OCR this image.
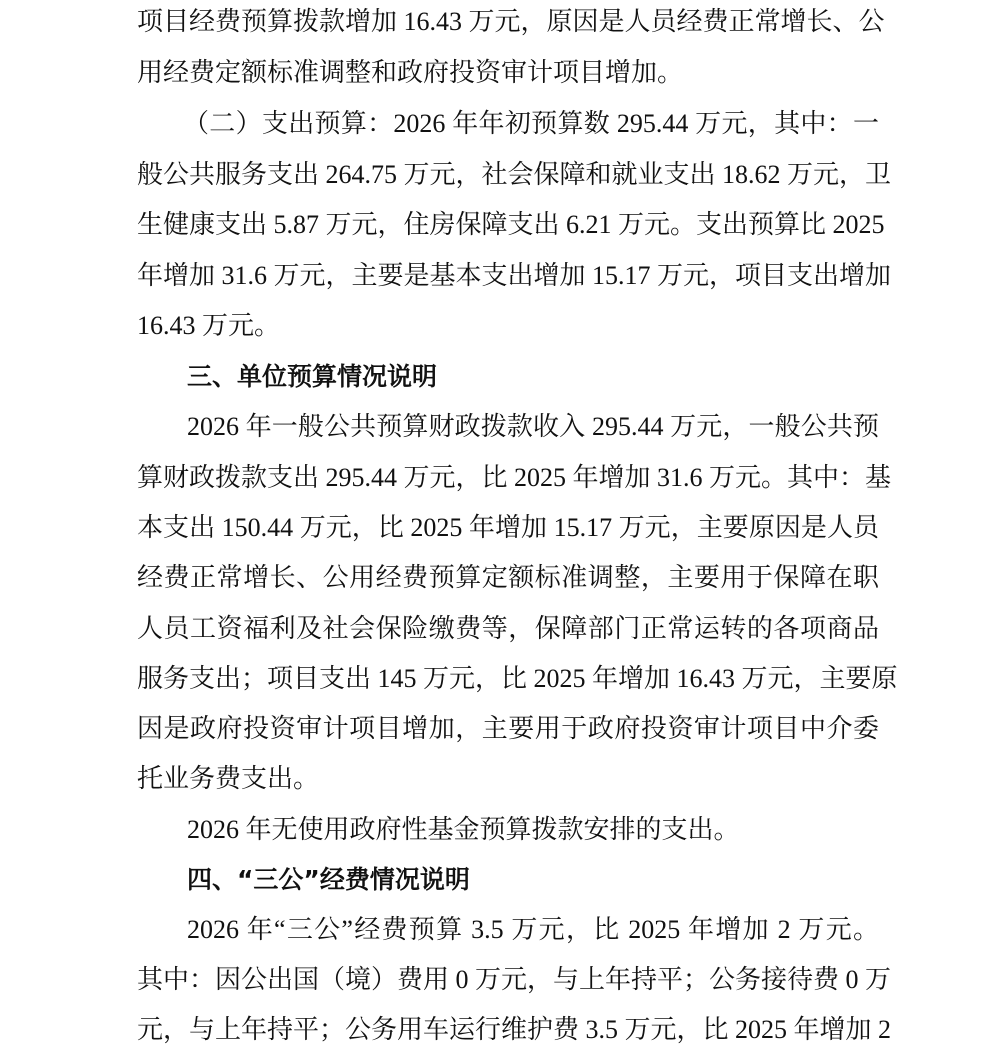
项目经费预算拨款增加 16.43 万元，原因是人员经费正常增长、公
用经费定额标准调整和政府投资审计项目增加。
（二）支出预算：2026 年年初预算数 295.44 万元，其中：一
般公共服务支出 264.75 万元，社会保障和就业支出 18.62 万元，卫
生健康支出 5.87 万元，住房保障支出 6.21 万元。支出预算比 2025
年增加 31.6 万元，主要是基本支出增加 15.17 万元，项目支出增加
16.43 万元。
三、单位预算情况说明
2026 年一般公共预算财政拨款收入 295.44 万元，一般公共预
算财政拨款支出 295.44 万元，比 2025 年增加 31.6 万元。其中：基
本支出 150.44 万元，比 2025 年增加 15.17 万元，主要原因是人员
经费正常增长、公用经费预算定额标准调整，主要用于保障在职
人员工资福利及社会保险缴费等，保障部门正常运转的各项商品
服务支出；项目支出 145 万元，比 2025 年增加 16.43 万元，主要原
因是政府投资审计项目增加，主要用于政府投资审计项目中介委
托业务费支出。
2026 年无使用政府性基金预算拨款安排的支出。
四、“三公”经费情况说明
2026 年“三公”经费预算 3.5 万元，比 2025 年增加 2 万元。
其中：因公出国（境）费用 0 万元，与上年持平；公务接待费 0 万
元，与上年持平；公务用车运行维护费 3.5 万元，比 2025 年增加 2
